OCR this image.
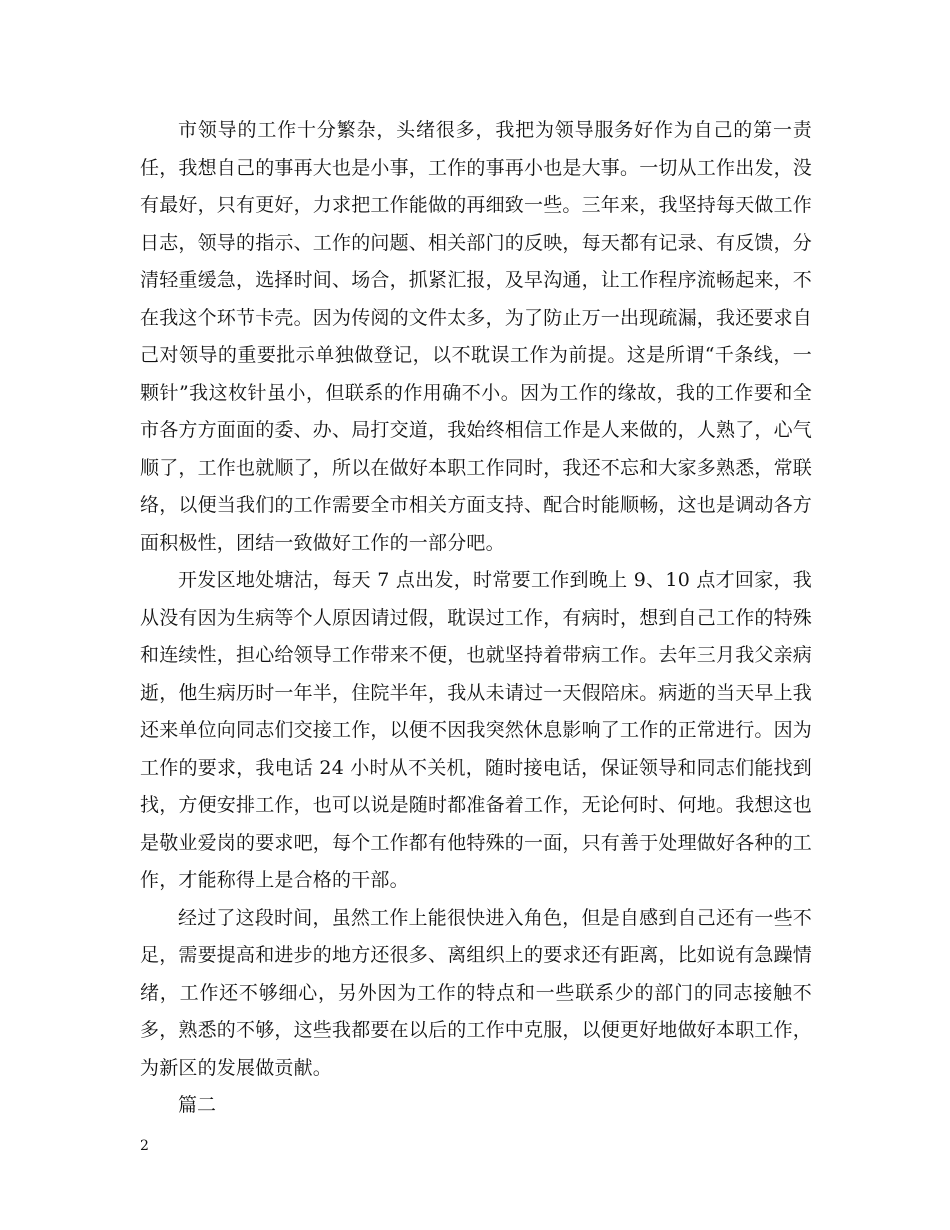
市领导的工作十分繁杂，头绪很多，我把为领导服务好作为自己的第一责任，我想自己的事再大也是小事，工作的事再小也是大事。一切从工作出发，没有最好，只有更好，力求把工作能做的再细致一些。三年来，我坚持每天做工作日志，领导的指示、工作的问题、相关部门的反映，每天都有记录、有反馈，分清轻重缓急，选择时间、场合，抓紧汇报，及早沟通，让工作程序流畅起来，不在我这个环节卡壳。因为传阅的文件太多，为了防止万一出现疏漏，我还要求自己对领导的重要批示单独做登记，以不耽误工作为前提。这是所谓“千条线，一颗针”我这枚针虽小，但联系的作用确不小。因为工作的缘故，我的工作要和全市各方方面面的委、办、局打交道，我始终相信工作是人来做的，人熟了，心气顺了，工作也就顺了，所以在做好本职工作同时，我还不忘和大家多熟悉，常联络，以便当我们的工作需要全市相关方面支持、配合时能顺畅，这也是调动各方面积极性，团结一致做好工作的一部分吧。

开发区地处塘沽，每天 7 点出发，时常要工作到晚上 9、10 点才回家，我从没有因为生病等个人原因请过假，耽误过工作，有病时，想到自己工作的特殊和连续性，担心给领导工作带来不便，也就坚持着带病工作。去年三月我父亲病逝，他生病历时一年半，住院半年，我从未请过一天假陪床。病逝的当天早上我还来单位向同志们交接工作，以便不因我突然休息影响了工作的正常进行。因为工作的要求，我电话 24 小时从不关机，随时接电话，保证领导和同志们能找到找，方便安排工作，也可以说是随时都准备着工作，无论何时、何地。我想这也是敬业爱岗的要求吧，每个工作都有他特殊的一面，只有善于处理做好各种的工作，才能称得上是合格的干部。

经过了这段时间，虽然工作上能很快进入角色，但是自感到自己还有一些不足，需要提高和进步的地方还很多、离组织上的要求还有距离，比如说有急躁情绪，工作还不够细心，另外因为工作的特点和一些联系少的部门的同志接触不多，熟悉的不够，这些我都要在以后的工作中克服，以便更好地做好本职工作，为新区的发展做贡献。

篇二

2
